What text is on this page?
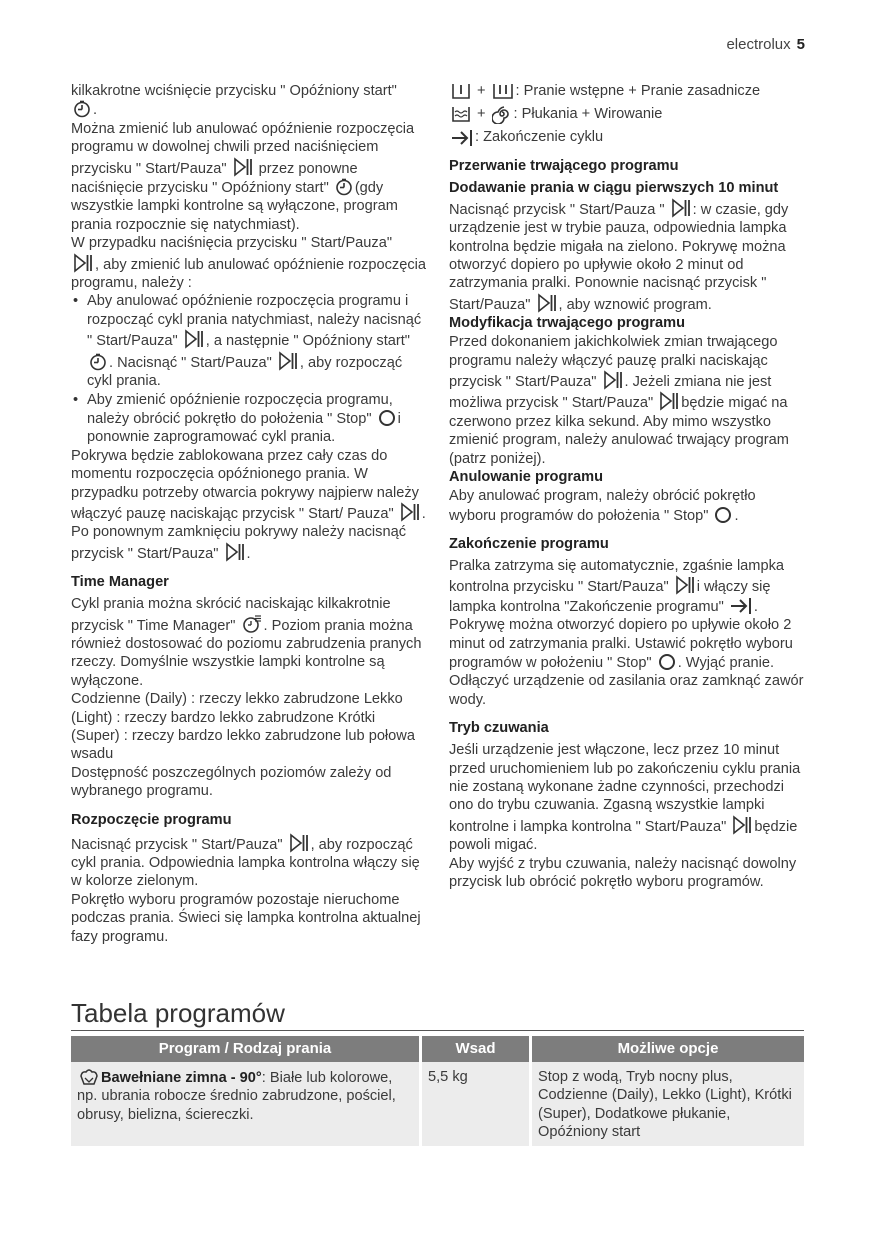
electrolux 5

kilkakrotne wciśnięcie przycisku " Opóźniony start"

.

Można zmienić lub anulować opóźnienie rozpoczęcia programu w dowolnej chwili przed naciśnięciem przycisku " Start/Pauza" przez ponowne naciśnięcie przycisku " Opóźniony start" (gdy wszystkie lampki kontrolne są wyłączone, program prania rozpocznie się natychmiast).

W przypadku naciśnięcia przycisku " Start/Pauza"

, aby zmienić lub anulować opóźnienie rozpoczęcia programu, należy :

• Aby anulować opóźnienie rozpoczęcia programu i rozpocząć cykl prania natychmiast, należy nacisnąć " Start/Pauza" , a następnie " Opóźniony start"
. Nacisnąć " Start/Pauza" , aby rozpocząć cykl prania.
• Aby zmienić opóźnienie rozpoczęcia programu, należy obrócić pokrętło do położenia " Stop" i ponownie zaprogramować cykl prania.

Pokrywa będzie zablokowana przez cały czas do momentu rozpoczęcia opóźnionego prania. W przypadku potrzeby otwarcia pokrywy najpierw należy włączyć pauzę naciskając przycisk " Start/ Pauza" . Po ponownym zamknięciu pokrywy należy nacisnąć przycisk " Start/Pauza" .

Time Manager

Cykl prania można skrócić naciskając kilkakrotnie przycisk " Time Manager" . Poziom prania można również dostosować do poziomu zabrudzenia pranych rzeczy. Domyślnie wszystkie lampki kontrolne są wyłączone.

Codzienne (Daily) : rzeczy lekko zabrudzone Lekko (Light) : rzeczy bardzo lekko zabrudzone Krótki (Super) : rzeczy bardzo lekko zabrudzone lub połowa wsadu

Dostępność poszczególnych poziomów zależy od wybranego programu.

Rozpoczęcie programu

Nacisnąć przycisk " Start/Pauza" , aby rozpocząć cykl prania. Odpowiednia lampka kontrolna włączy się w kolorze zielonym.

Pokrętło wyboru programów pozostaje nieruchome podczas prania. Świeci się lampka kontrolna aktualnej fazy programu.

+ : Pranie wstępne + Pranie zasadnicze
+ : Płukania + Wirowanie
: Zakończenie cyklu
Przerwanie trwającego programu
Dodawanie prania w ciągu pierwszych 10 minut

Nacisnąć przycisk " Start/Pauza " : w czasie, gdy urządzenie jest w trybie pauza, odpowiednia lampka kontrolna będzie migała na zielono. Pokrywę można otworzyć dopiero po upływie około 2 minut od zatrzymania pralki. Ponownie nacisnąć przycisk " Start/Pauza" , aby wznowić program.

Modyfikacja trwającego programu

Przed dokonaniem jakichkolwiek zmian trwającego programu należy włączyć pauzę pralki naciskając przycisk " Start/Pauza" . Jeżeli zmiana nie jest możliwa przycisk " Start/Pauza" będzie migać na czerwono przez kilka sekund. Aby mimo wszystko zmienić program, należy anulować trwający program (patrz poniżej).

Anulowanie programu

Aby anulować program, należy obrócić pokrętło wyboru programów do położenia " Stop" .

Zakończenie programu

Pralka zatrzyma się automatycznie, zgaśnie lampka kontrolna przycisku " Start/Pauza" i włączy się lampka kontrolna "Zakończenie programu" . Pokrywę można otworzyć dopiero po upływie około 2 minut od zatrzymania pralki. Ustawić pokrętło wyboru programów w położeniu " Stop" . Wyjąć pranie. Odłączyć urządzenie od zasilania oraz zamknąć zawór wody.

Tryb czuwania

Jeśli urządzenie jest włączone, lecz przez 10 minut przed uruchomieniem lub po zakończeniu cyklu prania nie zostaną wykonane żadne czynności, przechodzi ono do trybu czuwania. Zgasną wszystkie lampki kontrolne i lampka kontrolna " Start/Pauza" będzie powoli migać.

Aby wyjść z trybu czuwania, należy nacisnąć dowolny przycisk lub obrócić pokrętło wyboru programów.

Tabela programów
Program / Rodzaj prania	Wsad	Możliwe opcje

Bawełniane zimna - 90°: Białe lub kolorowe, np. ubrania robocze średnio zabrudzone, pościel, obrusy, bielizna, ściereczki.	5,5 kg	Stop z wodą, Tryb nocny plus, Codzienne (Daily), Lekko (Light), Krótki (Super), Dodatkowe płukanie, Opóźniony start
